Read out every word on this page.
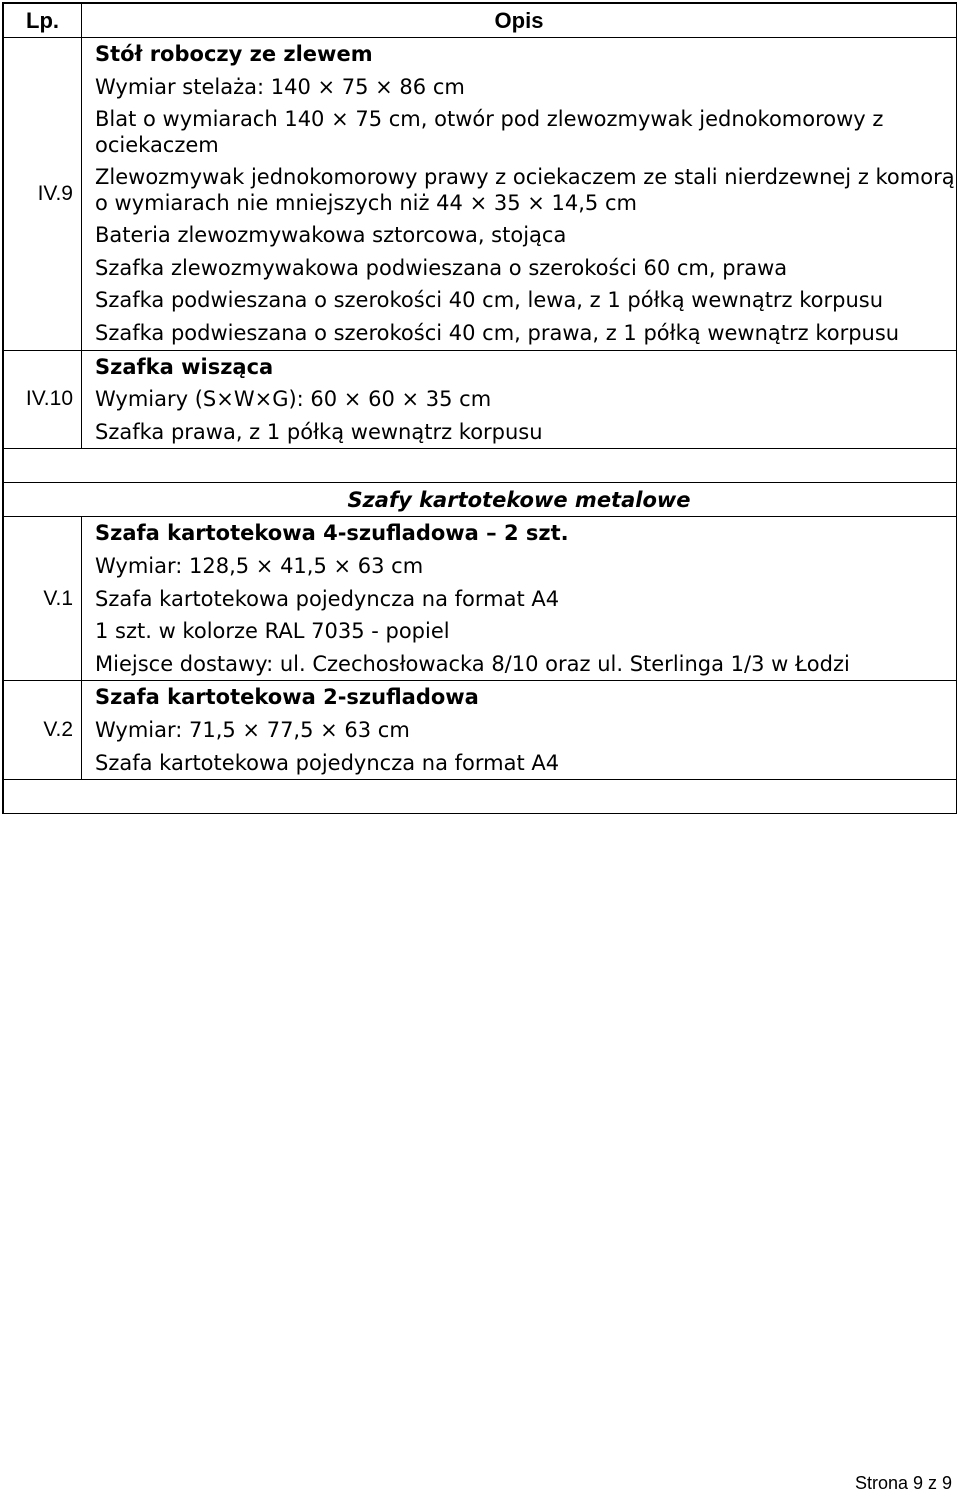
Lp.	Opis
IV.9
Stół roboczy ze zlewem
Wymiar stelaża: 140 × 75 × 86 cm
Blat o wymiarach 140 × 75 cm, otwór pod zlewozmywak jednokomorowy z ociekaczem
Zlewozmywak jednokomorowy prawy z ociekaczem ze stali nierdzewnej z komorą o wymiarach nie mniejszych niż 44 × 35 × 14,5 cm
Bateria zlewozmywakowa sztorcowa, stojąca
Szafka zlewozmywakowa podwieszana o szerokości 60 cm, prawa
Szafka podwieszana o szerokości 40 cm, lewa, z 1 półką wewnątrz korpusu
Szafka podwieszana o szerokości 40 cm, prawa, z 1 półką wewnątrz korpusu
IV.10
Szafka wisząca
Wymiary (S×W×G): 60 × 60 × 35 cm
Szafka prawa, z 1 półką wewnątrz korpusu
Szafy kartotekowe metalowe
V.1
Szafa kartotekowa 4-szufladowa – 2 szt.
Wymiar: 128,5 × 41,5 × 63 cm
Szafa kartotekowa pojedyncza na format A4
1 szt. w kolorze RAL 7035 - popiel
Miejsce dostawy: ul. Czechosłowacka 8/10 oraz ul. Sterlinga 1/3 w Łodzi
V.2
Szafa kartotekowa 2-szufladowa
Wymiar: 71,5 × 77,5 × 63 cm
Szafa kartotekowa pojedyncza na format A4
Strona 9 z 9
